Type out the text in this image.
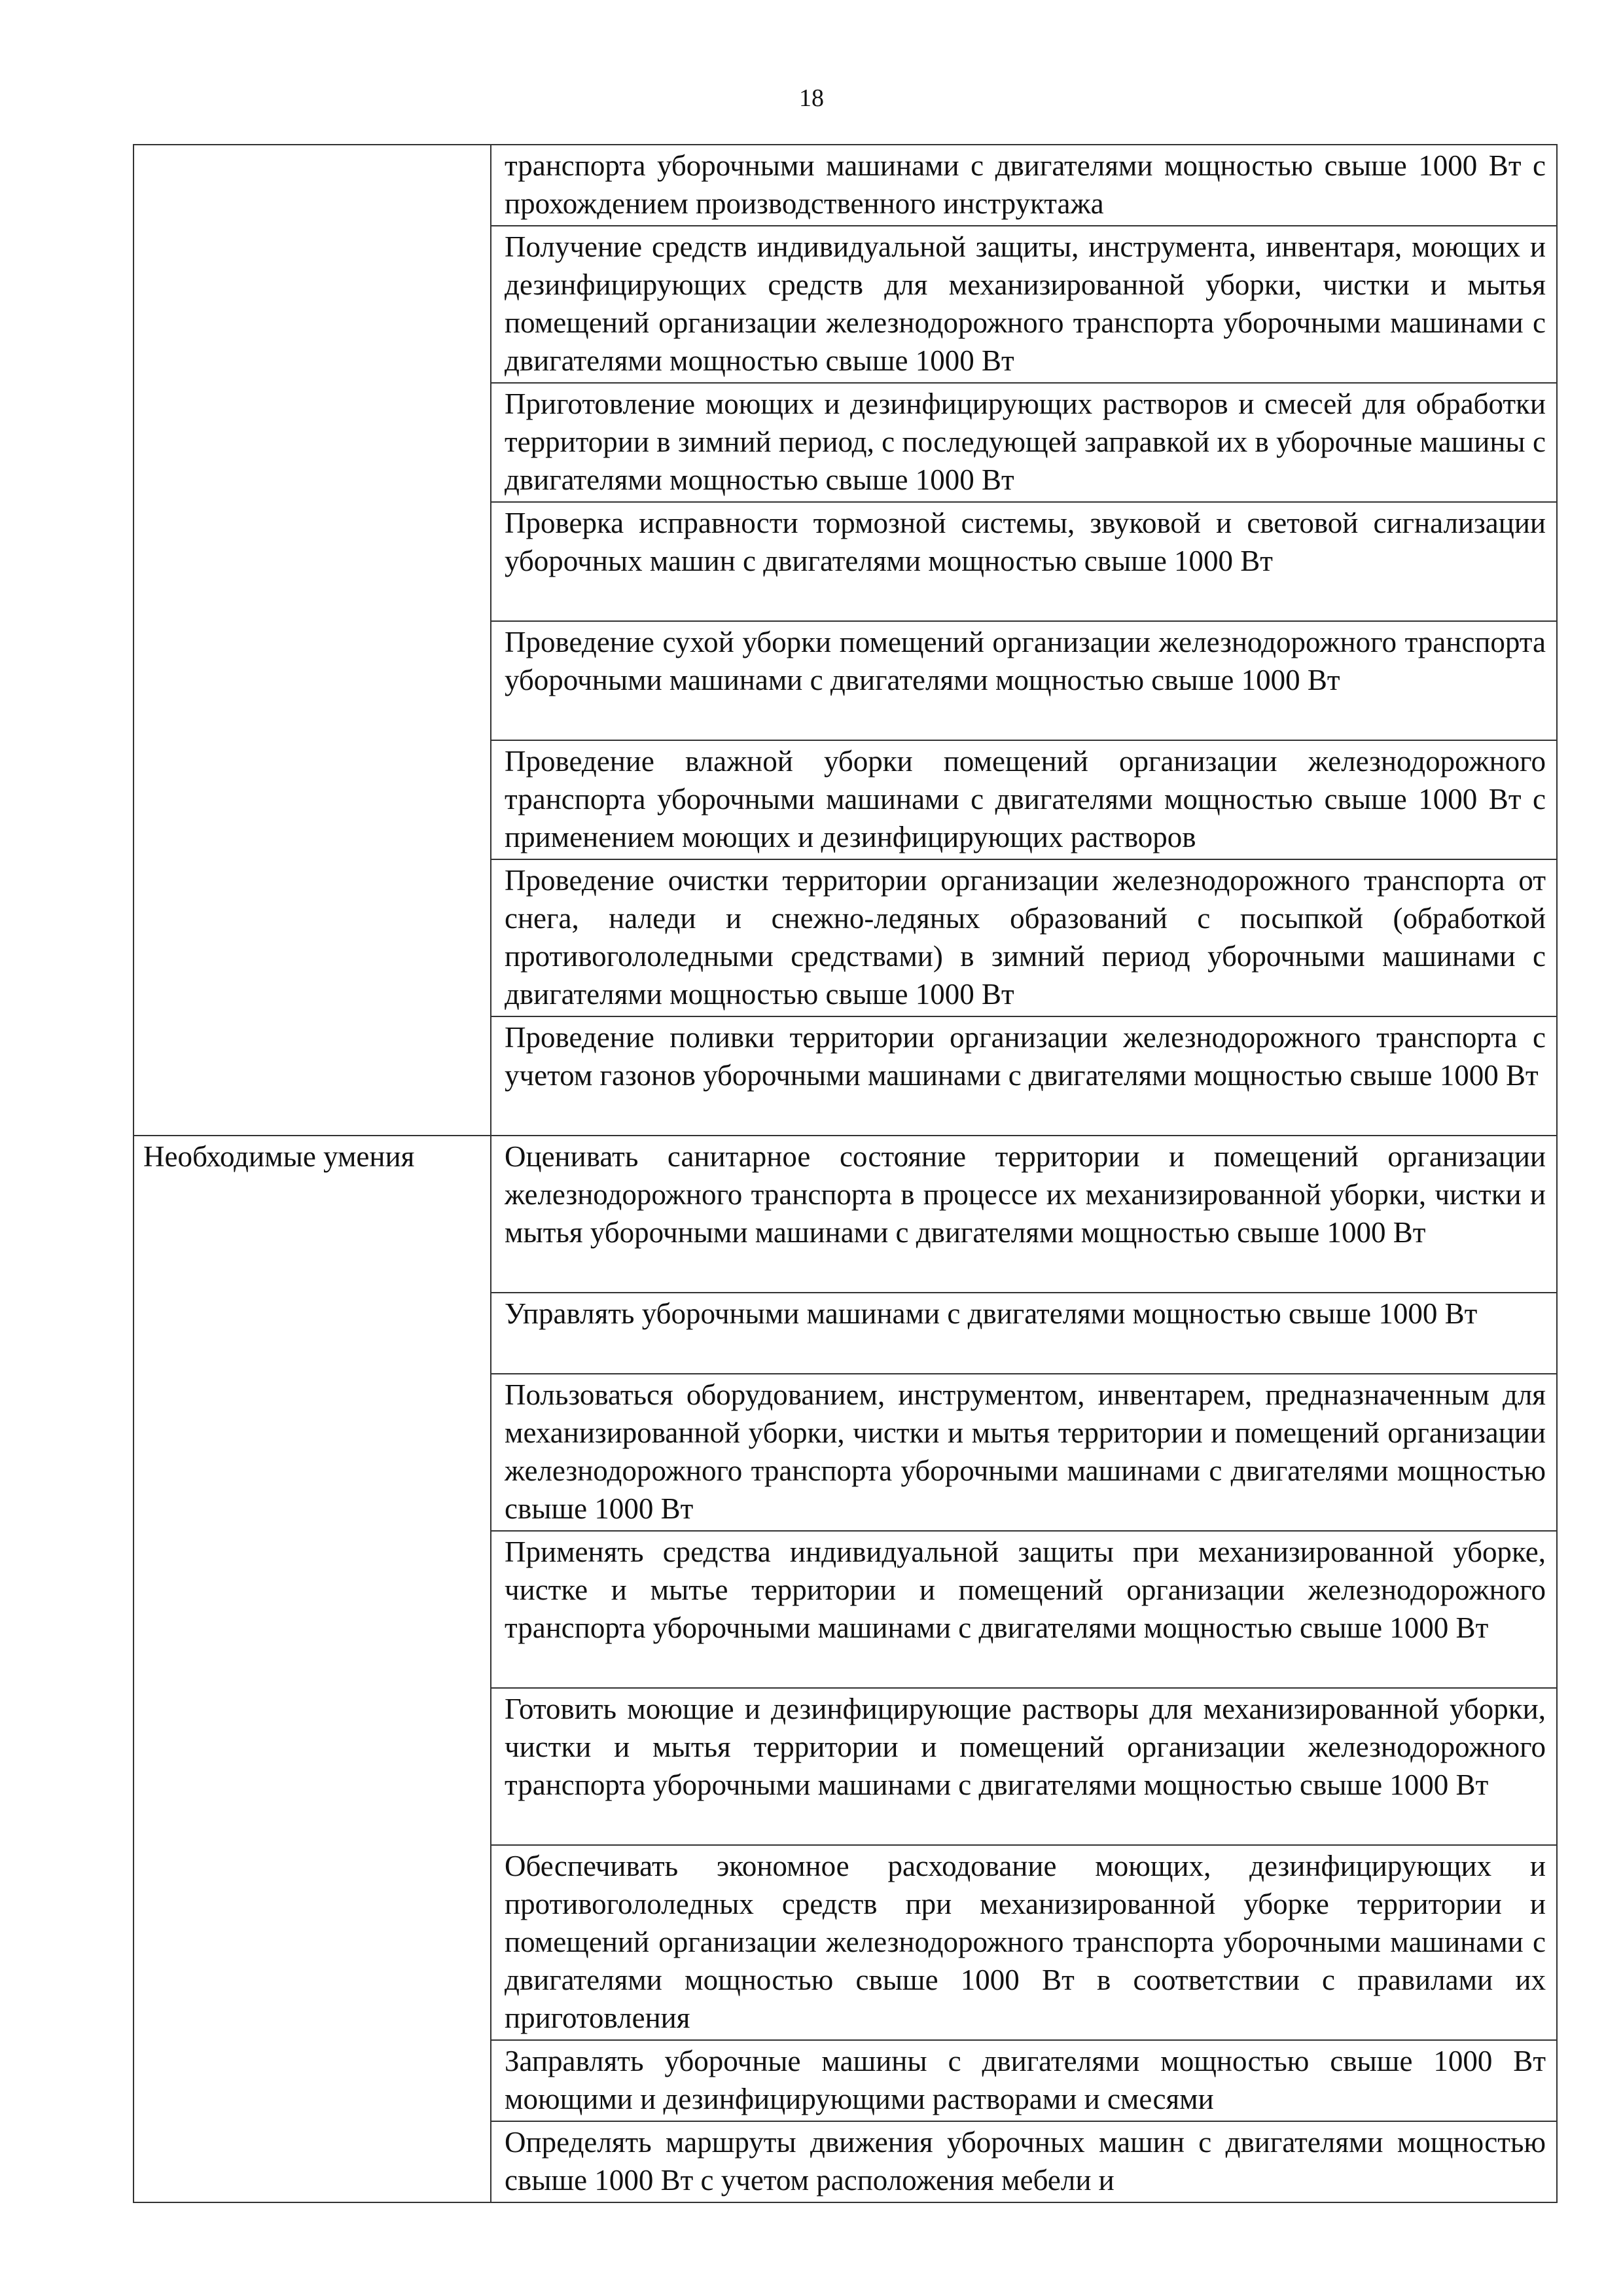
18

	транспорта уборочными машинами с двигателями мощностью свыше 1000 Вт с прохождением производственного инструктажа

	Получение средств индивидуальной защиты, инструмента, инвентаря, моющих и дезинфицирующих средств для механизированной уборки, чистки и мытья помещений организации железнодорожного транспорта уборочными машинами с двигателями мощностью свыше 1000 Вт

	Приготовление моющих и дезинфицирующих растворов и смесей для обработки территории в зимний период, с последующей заправкой их в уборочные машины с двигателями мощностью свыше 1000 Вт

	Проверка исправности тормозной системы, звуковой и световой сигнализации уборочных машин с двигателями мощностью свыше 1000 Вт

	Проведение сухой уборки помещений организации железнодорожного транспорта уборочными машинами с двигателями мощностью свыше 1000 Вт

	Проведение влажной уборки помещений организации железнодорожного транспорта уборочными машинами с двигателями мощностью свыше 1000 Вт с применением моющих и дезинфицирующих растворов

	Проведение очистки территории организации железнодорожного транспорта от снега, наледи и снежно-ледяных образований с посыпкой (обработкой противогололедными средствами) в зимний период уборочными машинами с двигателями мощностью свыше 1000 Вт

	Проведение поливки территории организации железнодорожного транспорта с учетом газонов уборочными машинами с двигателями мощностью свыше 1000 Вт

Необходимые умения	Оценивать санитарное состояние территории и помещений организации железнодорожного транспорта в процессе их механизированной уборки, чистки и мытья уборочными машинами с двигателями мощностью свыше 1000 Вт

	Управлять уборочными машинами с двигателями мощностью свыше 1000 Вт

	Пользоваться оборудованием, инструментом, инвентарем, предназначенным для механизированной уборки, чистки и мытья территории и помещений организации железнодорожного транспорта уборочными машинами с двигателями мощностью свыше 1000 Вт

	Применять средства индивидуальной защиты при механизированной уборке, чистке и мытье территории и помещений организации железнодорожного транспорта уборочными машинами с двигателями мощностью свыше 1000 Вт

	Готовить моющие и дезинфицирующие растворы для механизированной уборки, чистки и мытья территории и помещений организации железнодорожного транспорта уборочными машинами с двигателями мощностью свыше 1000 Вт

	Обеспечивать экономное расходование моющих, дезинфицирующих и противогололедных средств при механизированной уборке территории и помещений организации железнодорожного транспорта уборочными машинами с двигателями мощностью свыше 1000 Вт в соответствии с правилами их приготовления

	Заправлять уборочные машины с двигателями мощностью свыше 1000 Вт моющими и дезинфицирующими растворами и смесями

	Определять маршруты движения уборочных машин с двигателями мощностью свыше 1000 Вт с учетом расположения мебели и
